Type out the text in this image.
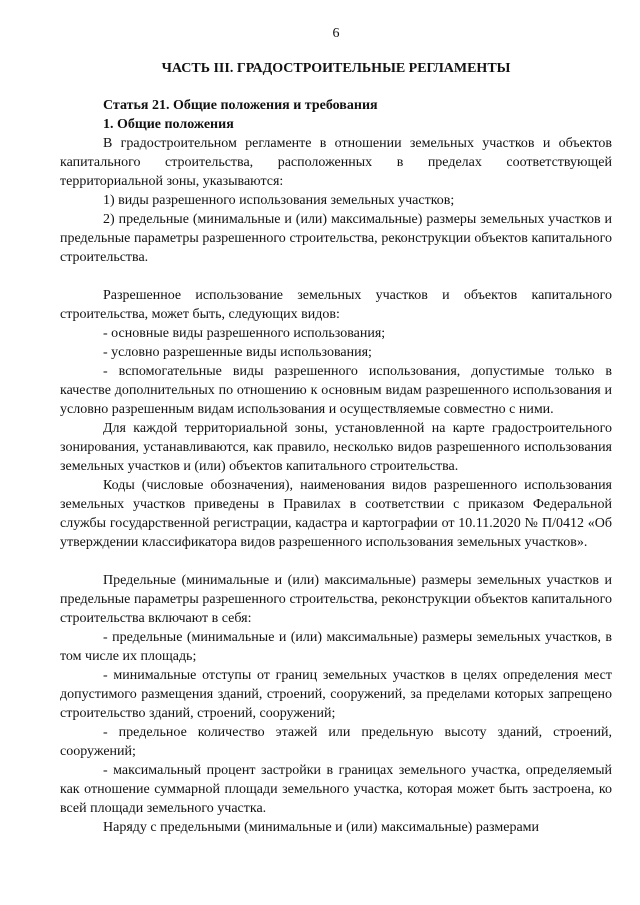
6
ЧАСТЬ III. ГРАДОСТРОИТЕЛЬНЫЕ РЕГЛАМЕНТЫ
Статья 21. Общие положения и требования
1. Общие положения

В градостроительном регламенте в отношении земельных участков и объектов капитального строительства, расположенных в пределах соответствующей территориальной зоны, указываются:

1) виды разрешенного использования земельных участков;

2) предельные (минимальные и (или) максимальные) размеры земельных участков и предельные параметры разрешенного строительства, реконструкции объектов капитального строительства.

Разрешенное использование земельных участков и объектов капитального строительства, может быть, следующих видов:

- основные виды разрешенного использования;

- условно разрешенные виды использования;

- вспомогательные виды разрешенного использования, допустимые только в качестве дополнительных по отношению к основным видам разрешенного использования и условно разрешенным видам использования и осуществляемые совместно с ними.

Для каждой территориальной зоны, установленной на карте градостроительного зонирования, устанавливаются, как правило, несколько видов разрешенного использования земельных участков и (или) объектов капитального строительства.

Коды (числовые обозначения), наименования видов разрешенного использования земельных участков приведены в Правилах в соответствии с приказом Федеральной службы государственной регистрации, кадастра и картографии от 10.11.2020 № П/0412 «Об утверждении классификатора видов разрешенного использования земельных участков».

Предельные (минимальные и (или) максимальные) размеры земельных участков и предельные параметры разрешенного строительства, реконструкции объектов капитального строительства включают в себя:

- предельные (минимальные и (или) максимальные) размеры земельных участков, в том числе их площадь;

- минимальные отступы от границ земельных участков в целях определения мест допустимого размещения зданий, строений, сооружений, за пределами которых запрещено строительство зданий, строений, сооружений;

- предельное количество этажей или предельную высоту зданий, строений, сооружений;

- максимальный процент застройки в границах земельного участка, определяемый как отношение суммарной площади земельного участка, которая может быть застроена, ко всей площади земельного участка.

Наряду с предельными (минимальные и (или) максимальные) размерами
